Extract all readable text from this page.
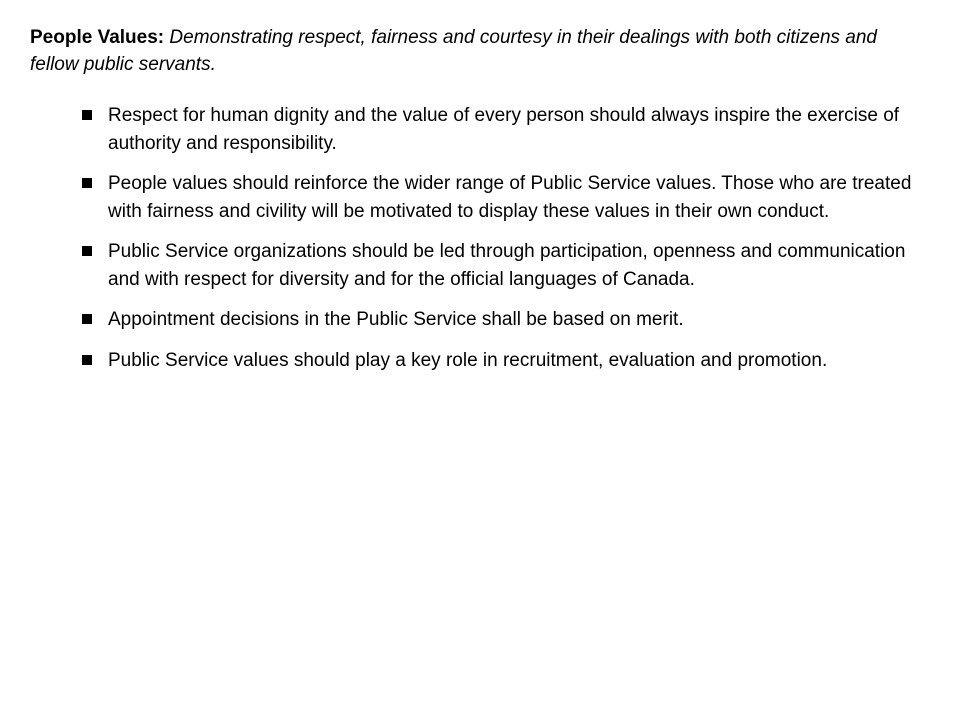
People Values: Demonstrating respect, fairness and courtesy in their dealings with both citizens and fellow public servants.
Respect for human dignity and the value of every person should always inspire the exercise of authority and responsibility.
People values should reinforce the wider range of Public Service values. Those who are treated with fairness and civility will be motivated to display these values in their own conduct.
Public Service organizations should be led through participation, openness and communication and with respect for diversity and for the official languages of Canada.
Appointment decisions in the Public Service shall be based on merit.
Public Service values should play a key role in recruitment, evaluation and promotion.
